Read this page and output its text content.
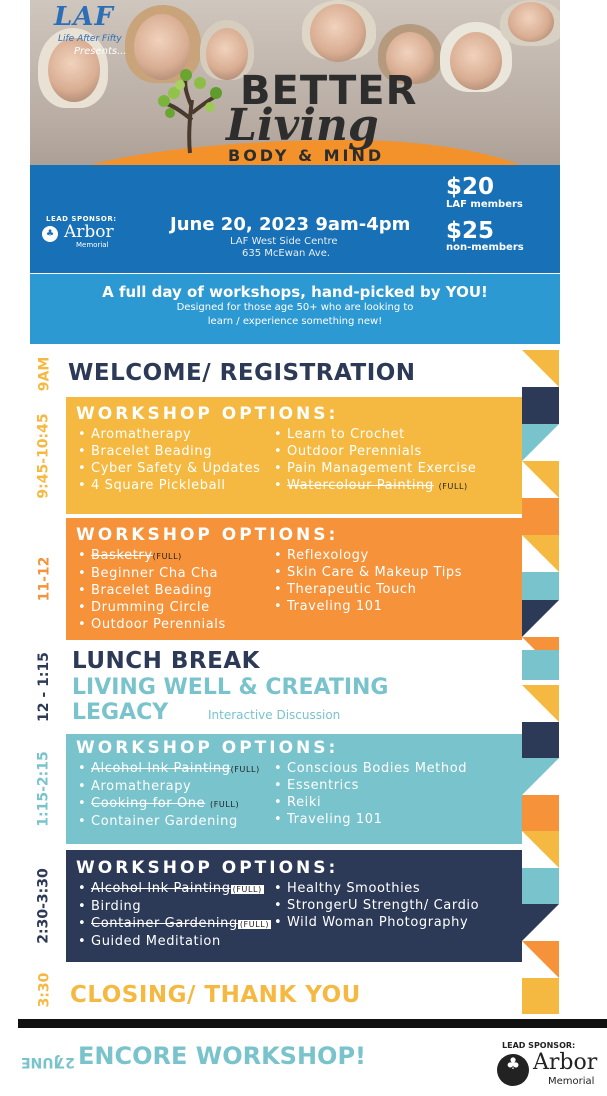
LAF
Life After Fifty
Presents...
BETTER
Living
BODY & MIND
LEAD SPONSOR:
♣ Arbor
Memorial
June 20, 2023 9am-4pm
LAF West Side Centre
635 McEwan Ave.
$20
LAF members
$25
non-members
A full day of workshops, hand-picked by YOU!
Designed for those age 50+ who are looking to
learn / experience something new!
9AM WELCOME/ REGISTRATION
9:45-10:45	WORKSHOP OPTIONS:
• Aromatherapy
• Bracelet Beading
• Cyber Safety & Updates
• 4 Square Pickleball
• Learn to Crochet
• Outdoor Perennials
• Pain Management Exercise
• Watercolour Painting (FULL)
11-12
WORKSHOP OPTIONS:
• Basketry(FULL)
• Beginner Cha Cha
• Bracelet Beading
• Drumming Circle
• Outdoor Perennials
• Reflexology
• Skin Care & Makeup Tips
• Therapeutic Touch
• Traveling 101
12 - 1:15 LUNCH BREAK
LIVING WELL & CREATING
LEGACY	Interactive Discussion
1:15-2:15
WORKSHOP OPTIONS:
• Alcohol Ink Painting(FULL)
• Aromatherapy
• Cooking for One (FULL)
• Container Gardening
• Conscious Bodies Method
• Essentrics
• Reiki
• Traveling 101
2:30-3:30
WORKSHOP OPTIONS:
• Alcohol Ink Painting (FULL)
• Birding
• Container Gardening (FULL)
• Guided Meditation
• Healthy Smoothies
• StrongerU Strength/ Cardio
• Wild Woman Photography
3:30 CLOSING/ THANK YOU
JUNE
27 ENCORE WORKSHOP!	LEAD SPONSOR:
♣ Arbor
Memorial
